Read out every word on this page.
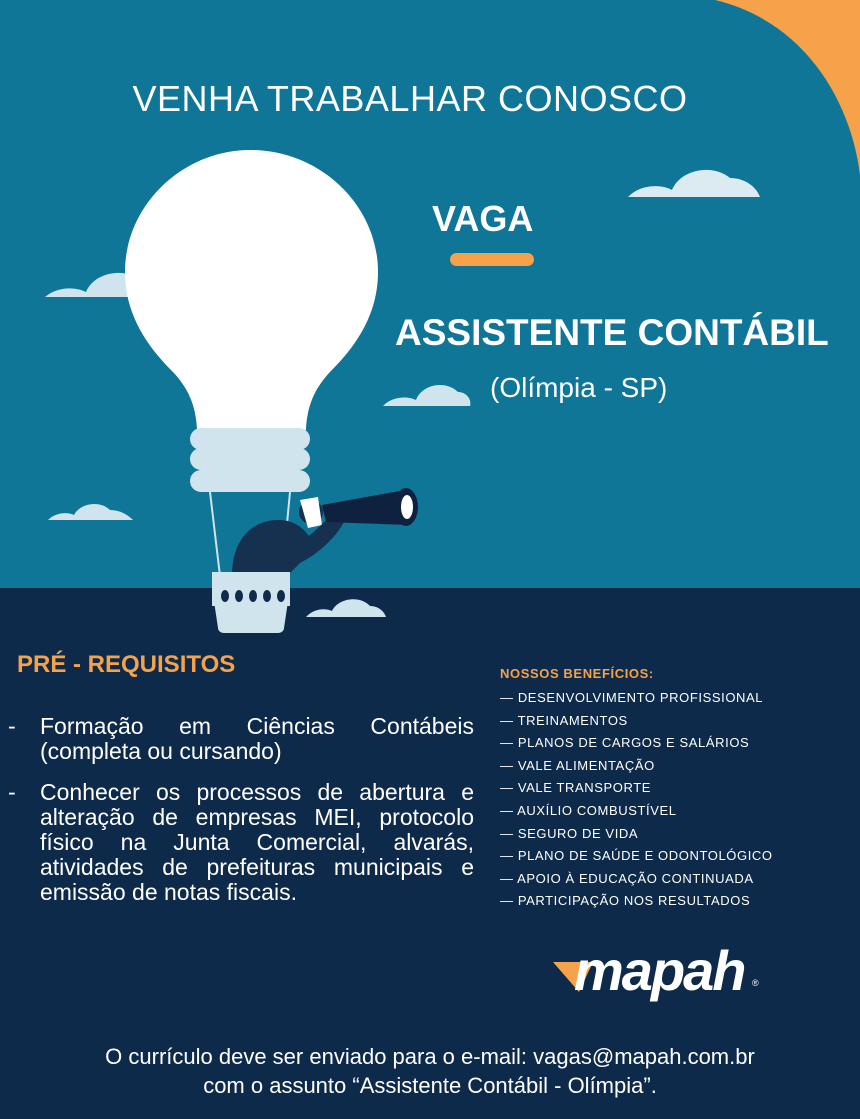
VENHA TRABALHAR CONOSCO
VAGA
ASSISTENTE CONTÁBIL
(Olímpia - SP)
PRÉ - REQUISITOS
- Formação em Ciências Contábeis (completa ou cursando)
- Conhecer os processos de abertura e alteração de empresas MEI, protocolo físico na Junta Comercial, alvarás, atividades de prefeituras municipais e emissão de notas fiscais.
NOSSOS BENEFÍCIOS:
— DESENVOLVIMENTO PROFISSIONAL
— TREINAMENTOS
— PLANOS DE CARGOS E SALÁRIOS
— VALE ALIMENTAÇÃO
— VALE TRANSPORTE
— AUXÍLIO COMBUSTÍVEL
— SEGURO DE VIDA
— PLANO DE SAÚDE E ODONTOLÓGICO
— APOIO À EDUCAÇÃO CONTINUADA
— PARTICIPAÇÃO NOS RESULTADOS
mapah ®
O currículo deve ser enviado para o e-mail: vagas@mapah.com.br
com o assunto “Assistente Contábil - Olímpia”.
